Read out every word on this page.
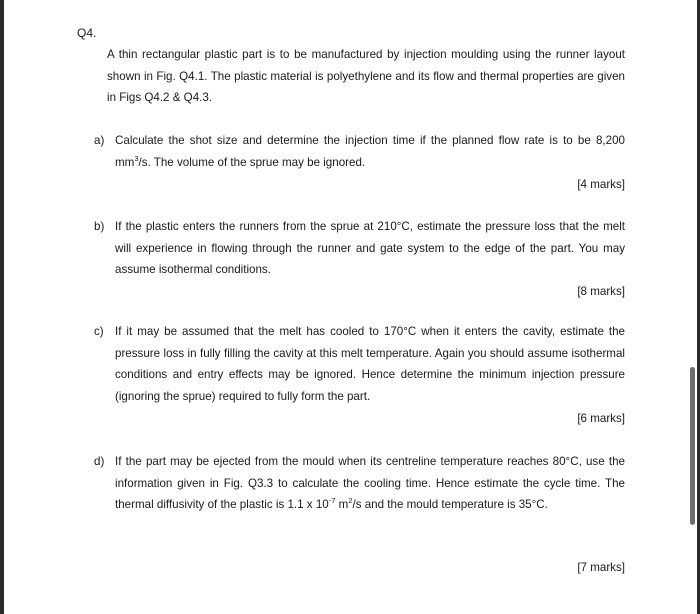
Q4.
A thin rectangular plastic part is to be manufactured by injection moulding using the runner layout shown in Fig. Q4.1. The plastic material is polyethylene and its flow and thermal properties are given in Figs Q4.2 & Q4.3.
a) Calculate the shot size and determine the injection time if the planned flow rate is to be 8,200 $mm^3/s$. The volume of the sprue may be ignored.
[4 marks]
b) If the plastic enters the runners from the sprue at 210°C, estimate the pressure loss that the melt will experience in flowing through the runner and gate system to the edge of the part. You may assume isothermal conditions.
[8 marks]
c) If it may be assumed that the melt has cooled to 170°C when it enters the cavity, estimate the pressure loss in fully filling the cavity at this melt temperature. Again you should assume isothermal conditions and entry effects may be ignored. Hence determine the minimum injection pressure (ignoring the sprue) required to fully form the part.
[6 marks]
d) If the part may be ejected from the mould when its centreline temperature reaches 80°C, use the information given in Fig. Q3.3 to calculate the cooling time. Hence estimate the cycle time. The thermal diffusivity of the plastic is 1.1 x $10^{-7}$ $m^2/s$ and the mould temperature is 35°C.
[7 marks]
